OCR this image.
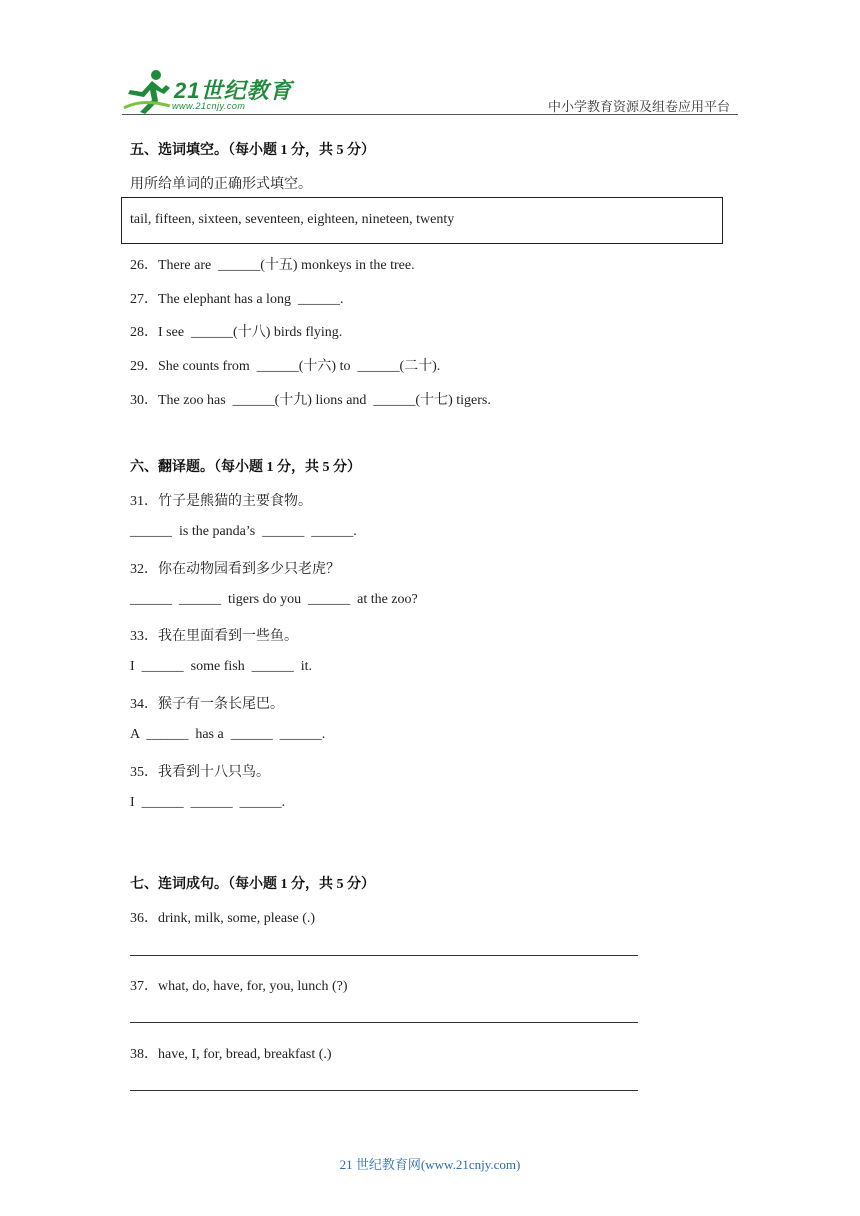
21世纪教育
www.21cnjy.com	中小学教育资源及组卷应用平台
五、选词填空。（每小题 1 分，共 5 分）
用所给单词的正确形式填空。
tail, fifteen, sixteen, seventeen, eighteen, nineteen, twenty
26．There are  ______(十五) monkeys in the tree.
27．The elephant has a long  ______.
28．I see  ______(十八) birds flying.
29．She counts from  ______(十六) to  ______(二十).
30．The zoo has  ______(十九) lions and  ______(十七) tigers.
六、翻译题。（每小题 1 分，共 5 分）
31．竹子是熊猫的主要食物。
______  is the panda’s  ______  ______.
32．你在动物园看到多少只老虎？
______  ______  tigers do you  ______  at the zoo?
33．我在里面看到一些鱼。
I  ______  some fish  ______  it.
34．猴子有一条长尾巴。
A  ______  has a  ______  ______.
35．我看到十八只鸟。
I  ______  ______  ______.
七、连词成句。（每小题 1 分，共 5 分）
36．drink, milk, some, please (.)
37．what, do, have, for, you, lunch (?)
38．have, I, for, bread, breakfast (.)
21 世纪教育网(www.21cnjy.com)
